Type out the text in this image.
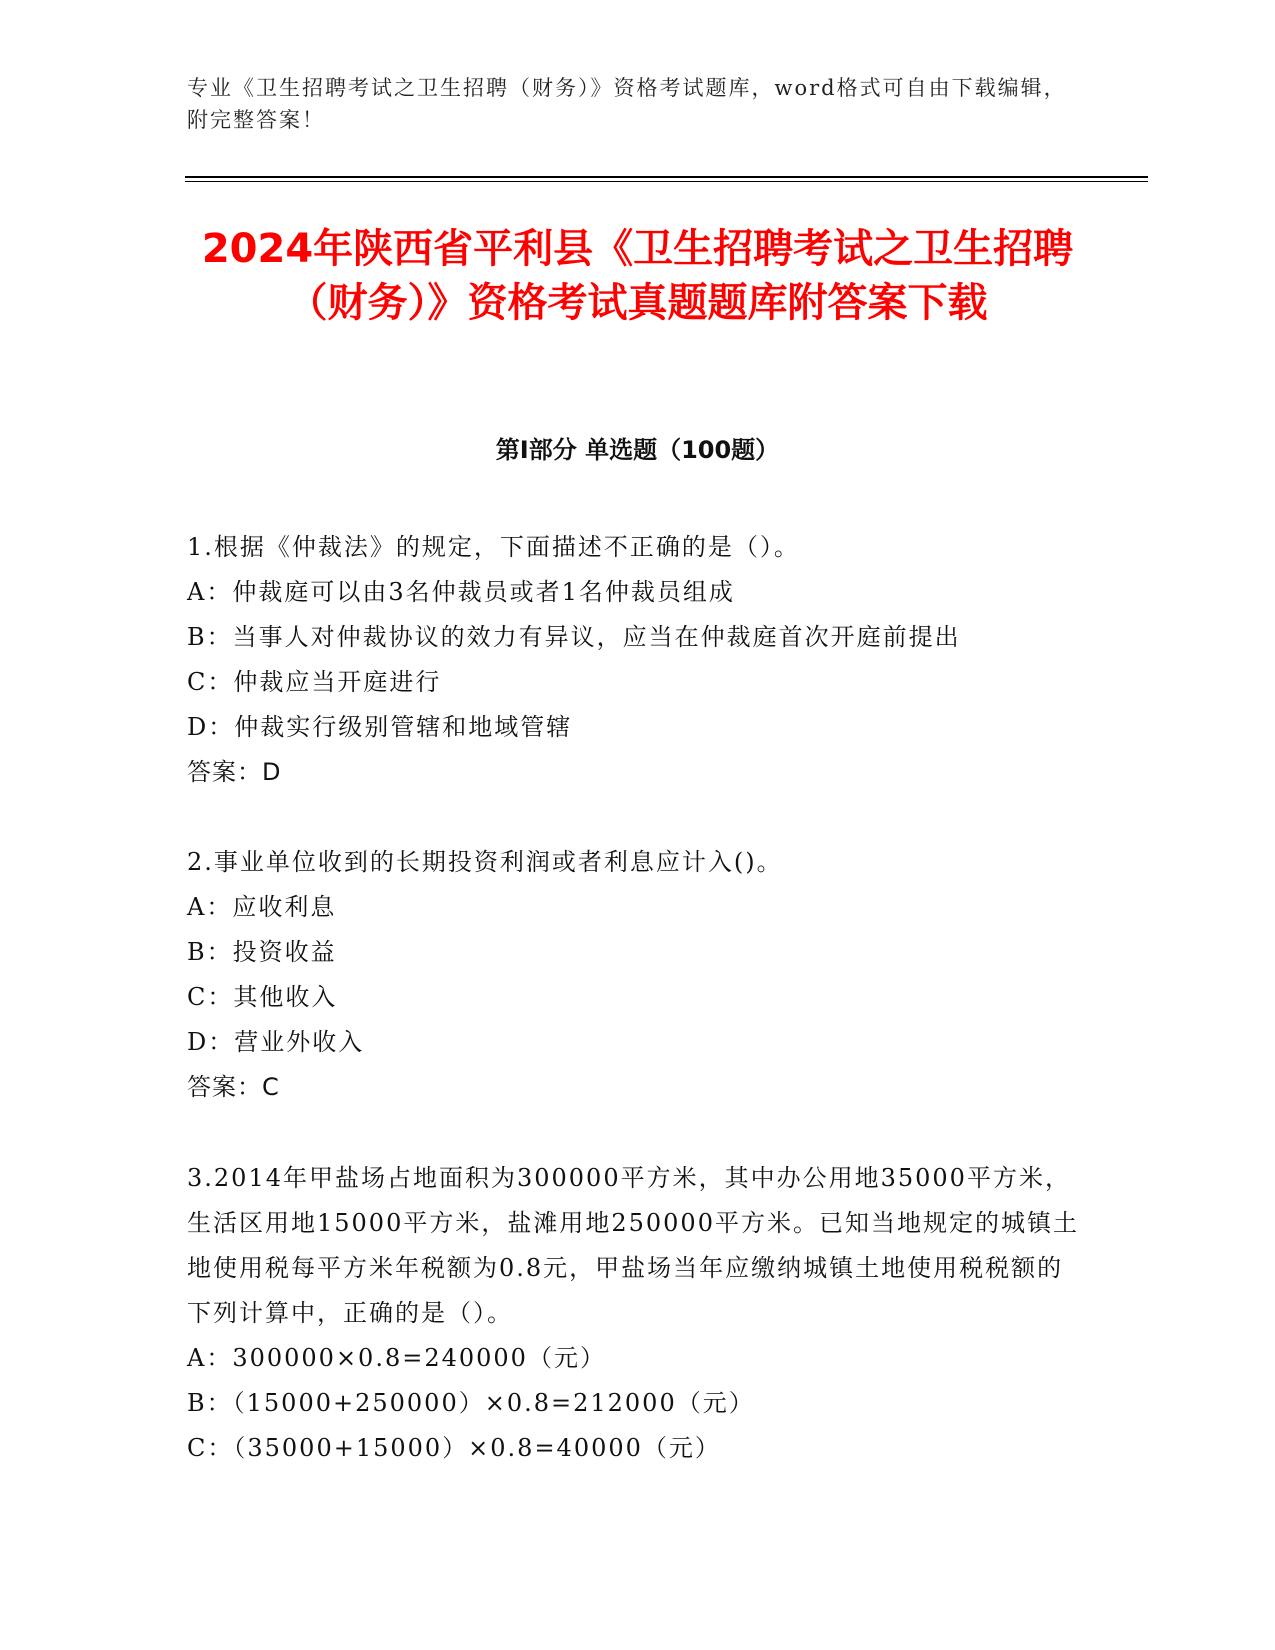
专业《卫生招聘考试之卫生招聘（财务）》资格考试题库，word格式可自由下载编辑，附完整答案！
2024年陕西省平利县《卫生招聘考试之卫生招聘（财务）》资格考试真题题库附答案下载
第I部分 单选题（100题）

1.根据《仲裁法》的规定，下面描述不正确的是（）。

A：仲裁庭可以由3名仲裁员或者1名仲裁员组成

B：当事人对仲裁协议的效力有异议，应当在仲裁庭首次开庭前提出

C：仲裁应当开庭进行

D：仲裁实行级别管辖和地域管辖

答案：D

2.事业单位收到的长期投资利润或者利息应计入()。

A：应收利息

B：投资收益

C：其他收入

D：营业外收入

答案：C

3.2014年甲盐场占地面积为300000平方米，其中办公用地35000平方米，生活区用地15000平方米，盐滩用地250000平方米。已知当地规定的城镇土地使用税每平方米年税额为0.8元，甲盐场当年应缴纳城镇土地使用税税额的下列计算中，正确的是（）。

A：300000×0.8=240000（元）

B：（15000+250000）×0.8=212000（元）

C：（35000+15000）×0.8=40000（元）
